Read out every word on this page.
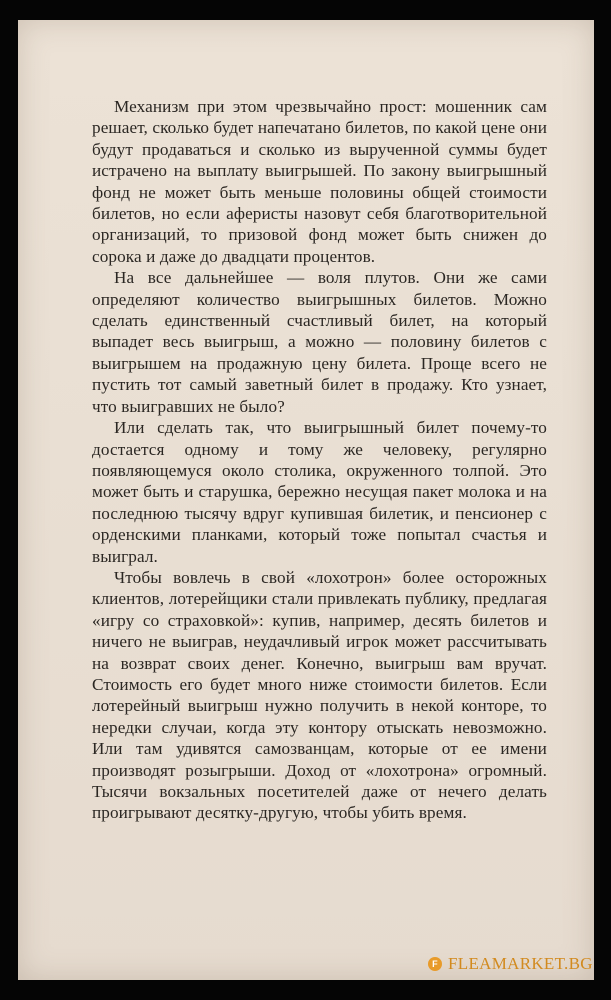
Механизм при этом чрезвычайно прост: мошенник сам решает, сколько будет напечатано билетов, по какой цене они будут продаваться и сколько из вырученной суммы будет истрачено на выплату выигрышей. По закону выигрышный фонд не может быть меньше половины общей стоимости билетов, но если аферисты назовут себя благотворительной организаций, то призовой фонд может быть снижен до сорока и даже до двадцати процентов.

На все дальнейшее — воля плутов. Они же сами определяют количество выигрышных билетов. Можно сделать единственный счастливый билет, на который выпадет весь выигрыш, а можно — половину билетов с выигрышем на продажную цену билета. Проще всего не пустить тот самый заветный билет в продажу. Кто узнает, что выигравших не было?

Или сделать так, что выигрышный билет почему-то достается одному и тому же человеку, регулярно появляющемуся около столика, окруженного толпой. Это может быть и старушка, бережно несущая пакет молока и на последнюю тысячу вдруг купившая билетик, и пенсионер с орденскими планками, который тоже попытал счастья и выиграл.

Чтобы вовлечь в свой «лохотрон» более осторожных клиентов, лотерейщики стали привлекать публику, предлагая «игру со страховкой»: купив, например, десять билетов и ничего не выиграв, неудачливый игрок может рассчитывать на возврат своих денег. Конечно, выигрыш вам вручат. Стоимость его будет много ниже стоимости билетов. Если лотерейный выигрыш нужно получить в некой конторе, то нередки случаи, когда эту контору отыскать невозможно. Или там удивятся самозванцам, которые от ее имени производят розыгрыши. Доход от «лохотрона» огромный. Тысячи вокзальных посетителей даже от нечего делать проигрывают десятку-другую, чтобы убить время.

F FLEAMARKET.BG
